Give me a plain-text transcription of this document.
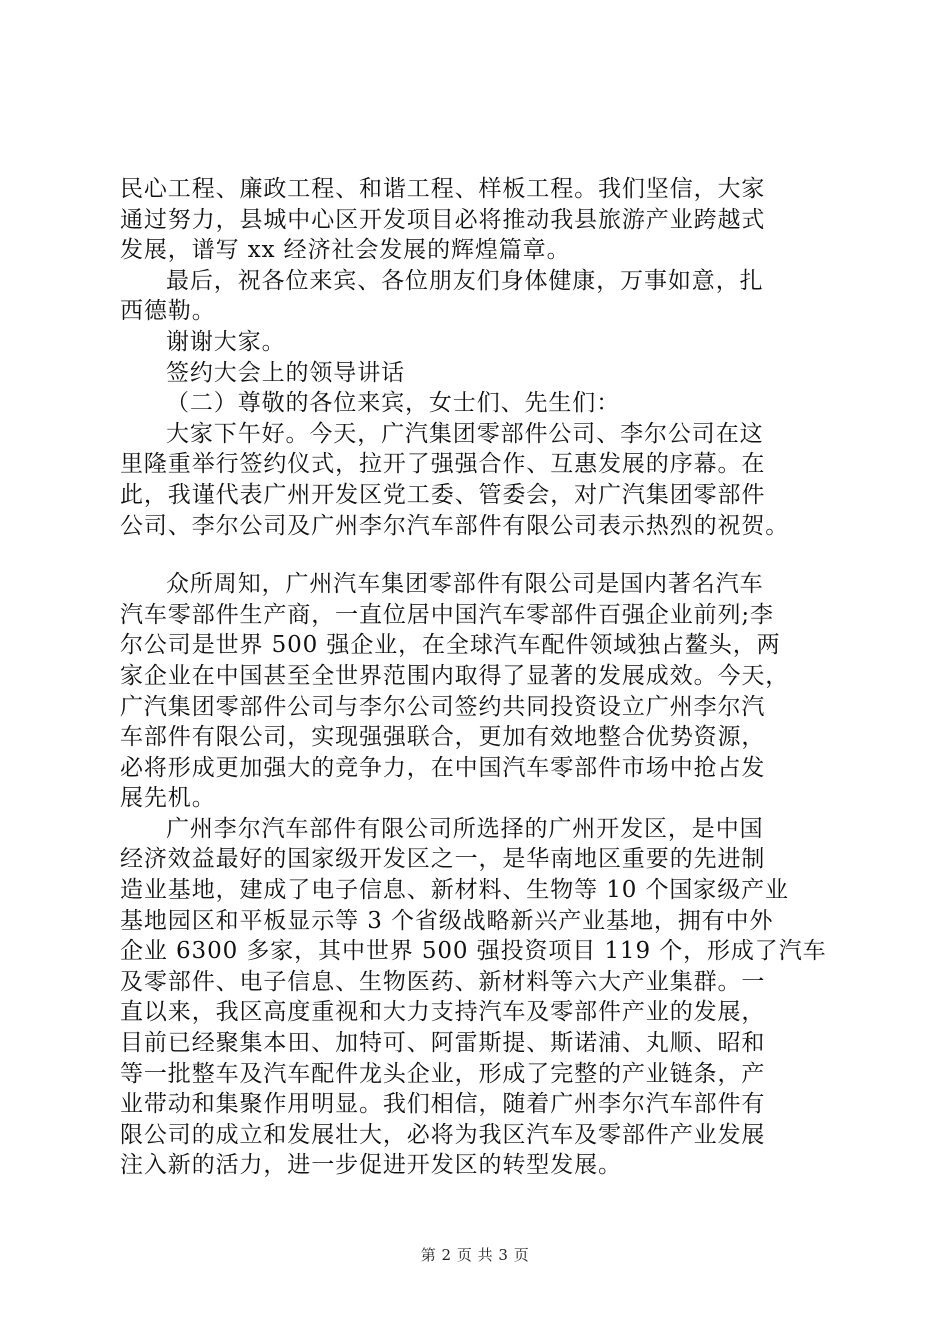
民心工程、廉政工程、和谐工程、样板工程。我们坚信，大家
通过努力，县城中心区开发项目必将推动我县旅游产业跨越式
发展，谱写 xx 经济社会发展的辉煌篇章。
最后，祝各位来宾、各位朋友们身体健康，万事如意，扎
西德勒。
谢谢大家。
签约大会上的领导讲话
（二）尊敬的各位来宾，女士们、先生们：
大家下午好。今天，广汽集团零部件公司、李尔公司在这
里隆重举行签约仪式，拉开了强强合作、互惠发展的序幕。在
此，我谨代表广州开发区党工委、管委会，对广汽集团零部件
公司、李尔公司及广州李尔汽车部件有限公司表示热烈的祝贺。
众所周知，广州汽车集团零部件有限公司是国内著名汽车
汽车零部件生产商，一直位居中国汽车零部件百强企业前列;李
尔公司是世界 500 强企业，在全球汽车配件领域独占鳌头，两
家企业在中国甚至全世界范围内取得了显著的发展成效。今天，
广汽集团零部件公司与李尔公司签约共同投资设立广州李尔汽
车部件有限公司，实现强强联合，更加有效地整合优势资源，
必将形成更加强大的竞争力，在中国汽车零部件市场中抢占发
展先机。
广州李尔汽车部件有限公司所选择的广州开发区，是中国
经济效益最好的国家级开发区之一，是华南地区重要的先进制
造业基地，建成了电子信息、新材料、生物等 10 个国家级产业
基地园区和平板显示等 3 个省级战略新兴产业基地，拥有中外
企业 6300 多家，其中世界 500 强投资项目 119 个，形成了汽车
及零部件、电子信息、生物医药、新材料等六大产业集群。一
直以来，我区高度重视和大力支持汽车及零部件产业的发展，
目前已经聚集本田、加特可、阿雷斯提、斯诺浦、丸顺、昭和
等一批整车及汽车配件龙头企业，形成了完整的产业链条，产
业带动和集聚作用明显。我们相信，随着广州李尔汽车部件有
限公司的成立和发展壮大，必将为我区汽车及零部件产业发展
注入新的活力，进一步促进开发区的转型发展。
第 2 页 共 3 页
